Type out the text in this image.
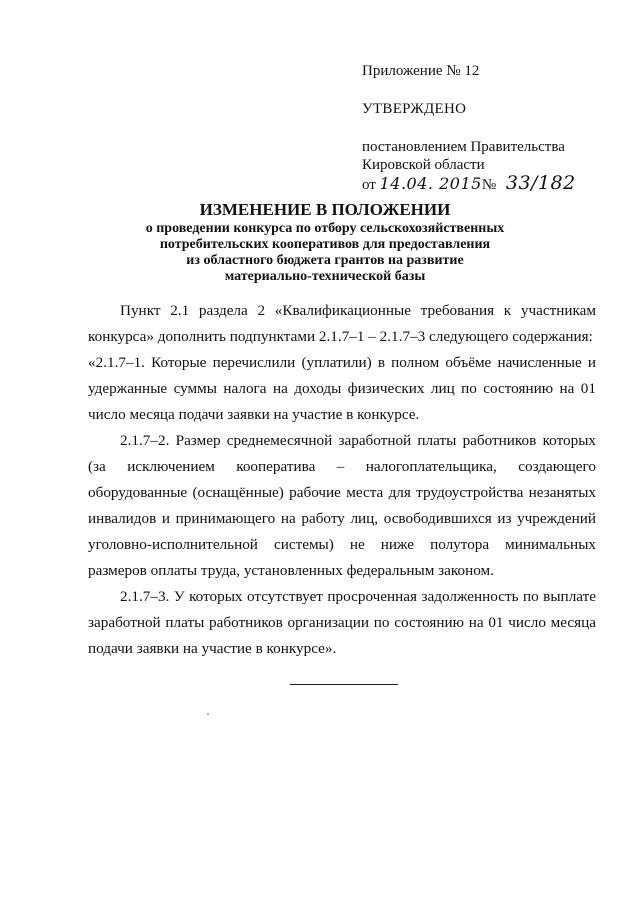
Приложение № 12

УТВЕРЖДЕНО

постановлением Правительства

Кировской области

от 14.04. 2015№ 33/182

ИЗМЕНЕНИЕ В ПОЛОЖЕНИИ

о проведении конкурса по отбору сельскохозяйственных

потребительских кооперативов для предоставления

из областного бюджета грантов на развитие

материально-технической базы

Пункт 2.1 раздела 2 «Квалификационные требования к участникам конкурса» дополнить подпунктами 2.1.7–1 – 2.1.7–3 следующего содержания:

«2.1.7–1. Которые перечислили (уплатили) в полном объёме начисленные и удержанные суммы налога на доходы физических лиц по состоянию на 01 число месяца подачи заявки на участие в конкурсе.

2.1.7–2. Размер среднемесячной заработной платы работников которых (за исключением кооператива – налогоплательщика, создающего оборудованные (оснащённые) рабочие места для трудоустройства незанятых инвалидов и принимающего на работу лиц, освободившихся из учреждений уголовно-исполнительной системы) не ниже полутора минимальных размеров оплаты труда, установленных федеральным законом.

2.1.7–3. У которых отсутствует просроченная задолженность по выплате заработной платы работников организации по состоянию на 01 число месяца подачи заявки на участие в конкурсе».
